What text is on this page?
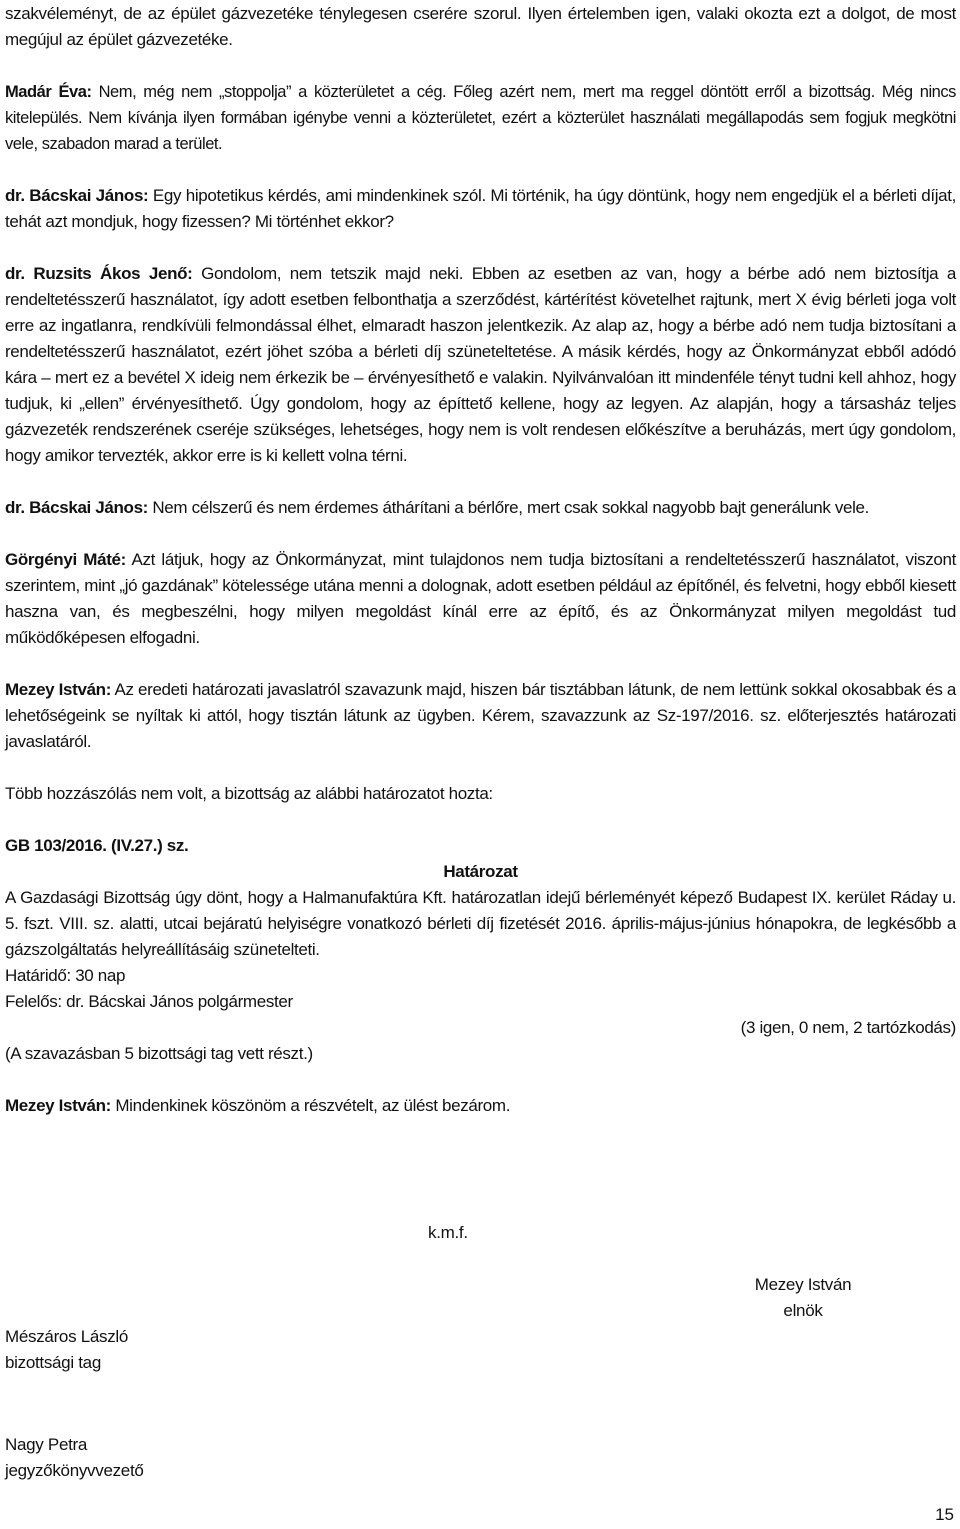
szakvéleményt, de az épület gázvezetéke ténylegesen cserére szorul. Ilyen értelemben igen, valaki okozta ezt a dolgot, de most megújul az épület gázvezetéke.

Madár Éva: Nem, még nem „stoppolja” a közterületet a cég. Főleg azért nem, mert ma reggel döntött erről a bizottság. Még nincs kitelepülés. Nem kívánja ilyen formában igénybe venni a közterületet, ezért a közterület használati megállapodás sem fogjuk megkötni vele, szabadon marad a terület.

dr. Bácskai János: Egy hipotetikus kérdés, ami mindenkinek szól. Mi történik, ha úgy döntünk, hogy nem engedjük el a bérleti díjat, tehát azt mondjuk, hogy fizessen? Mi történhet ekkor?

dr. Ruzsits Ákos Jenő: Gondolom, nem tetszik majd neki. Ebben az esetben az van, hogy a bérbe adó nem biztosítja a rendeltetésszerű használatot, így adott esetben felbonthatja a szerződést, kártérítést követelhet rajtunk, mert X évig bérleti joga volt erre az ingatlanra, rendkívüli felmondással élhet, elmaradt haszon jelentkezik. Az alap az, hogy a bérbe adó nem tudja biztosítani a rendeltetésszerű használatot, ezért jöhet szóba a bérleti díj szüneteltetése. A másik kérdés, hogy az Önkormányzat ebből adódó kára – mert ez a bevétel X ideig nem érkezik be – érvényesíthető e valakin. Nyilvánvalóan itt mindenféle tényt tudni kell ahhoz, hogy tudjuk, ki „ellen” érvényesíthető. Úgy gondolom, hogy az építtető kellene, hogy az legyen. Az alapján, hogy a társasház teljes gázvezeték rendszerének cseréje szükséges, lehetséges, hogy nem is volt rendesen előkészítve a beruházás, mert úgy gondolom, hogy amikor tervezték, akkor erre is ki kellett volna térni.

dr. Bácskai János: Nem célszerű és nem érdemes áthárítani a bérlőre, mert csak sokkal nagyobb bajt generálunk vele.

Görgényi Máté: Azt látjuk, hogy az Önkormányzat, mint tulajdonos nem tudja biztosítani a rendeltetésszerű használatot, viszont szerintem, mint „jó gazdának” kötelessége utána menni a dolognak, adott esetben például az építőnél, és felvetni, hogy ebből kiesett haszna van, és megbeszélni, hogy milyen megoldást kínál erre az építő, és az Önkormányzat milyen megoldást tud működőképesen elfogadni.

Mezey István: Az eredeti határozati javaslatról szavazunk majd, hiszen bár tisztábban látunk, de nem lettünk sokkal okosabbak és a lehetőségeink se nyíltak ki attól, hogy tisztán látunk az ügyben. Kérem, szavazzunk az Sz-197/2016. sz. előterjesztés határozati javaslatáról.

Több hozzászólás nem volt, a bizottság az alábbi határozatot hozta:

GB 103/2016. (IV.27.) sz.

Határozat

A Gazdasági Bizottság úgy dönt, hogy a Halmanufaktúra Kft. határozatlan idejű bérleményét képező Budapest IX. kerület Ráday u. 5. fszt. VIII. sz. alatti, utcai bejáratú helyiségre vonatkozó bérleti díj fizetését 2016. április-május-június hónapokra, de legkésőbb a gázszolgáltatás helyreállításáig szünetelteti.

Határidő: 30 nap

Felelős: dr. Bácskai János polgármester

(3 igen, 0 nem, 2 tartózkodás)

(A szavazásban 5 bizottsági tag vett részt.)

Mezey István: Mindenkinek köszönöm a részvételt, az ülést bezárom.

k.m.f.
Mezey István
elnök
Mészáros László
bizottsági tag
Nagy Petra
jegyzőkönyvvezető
15
